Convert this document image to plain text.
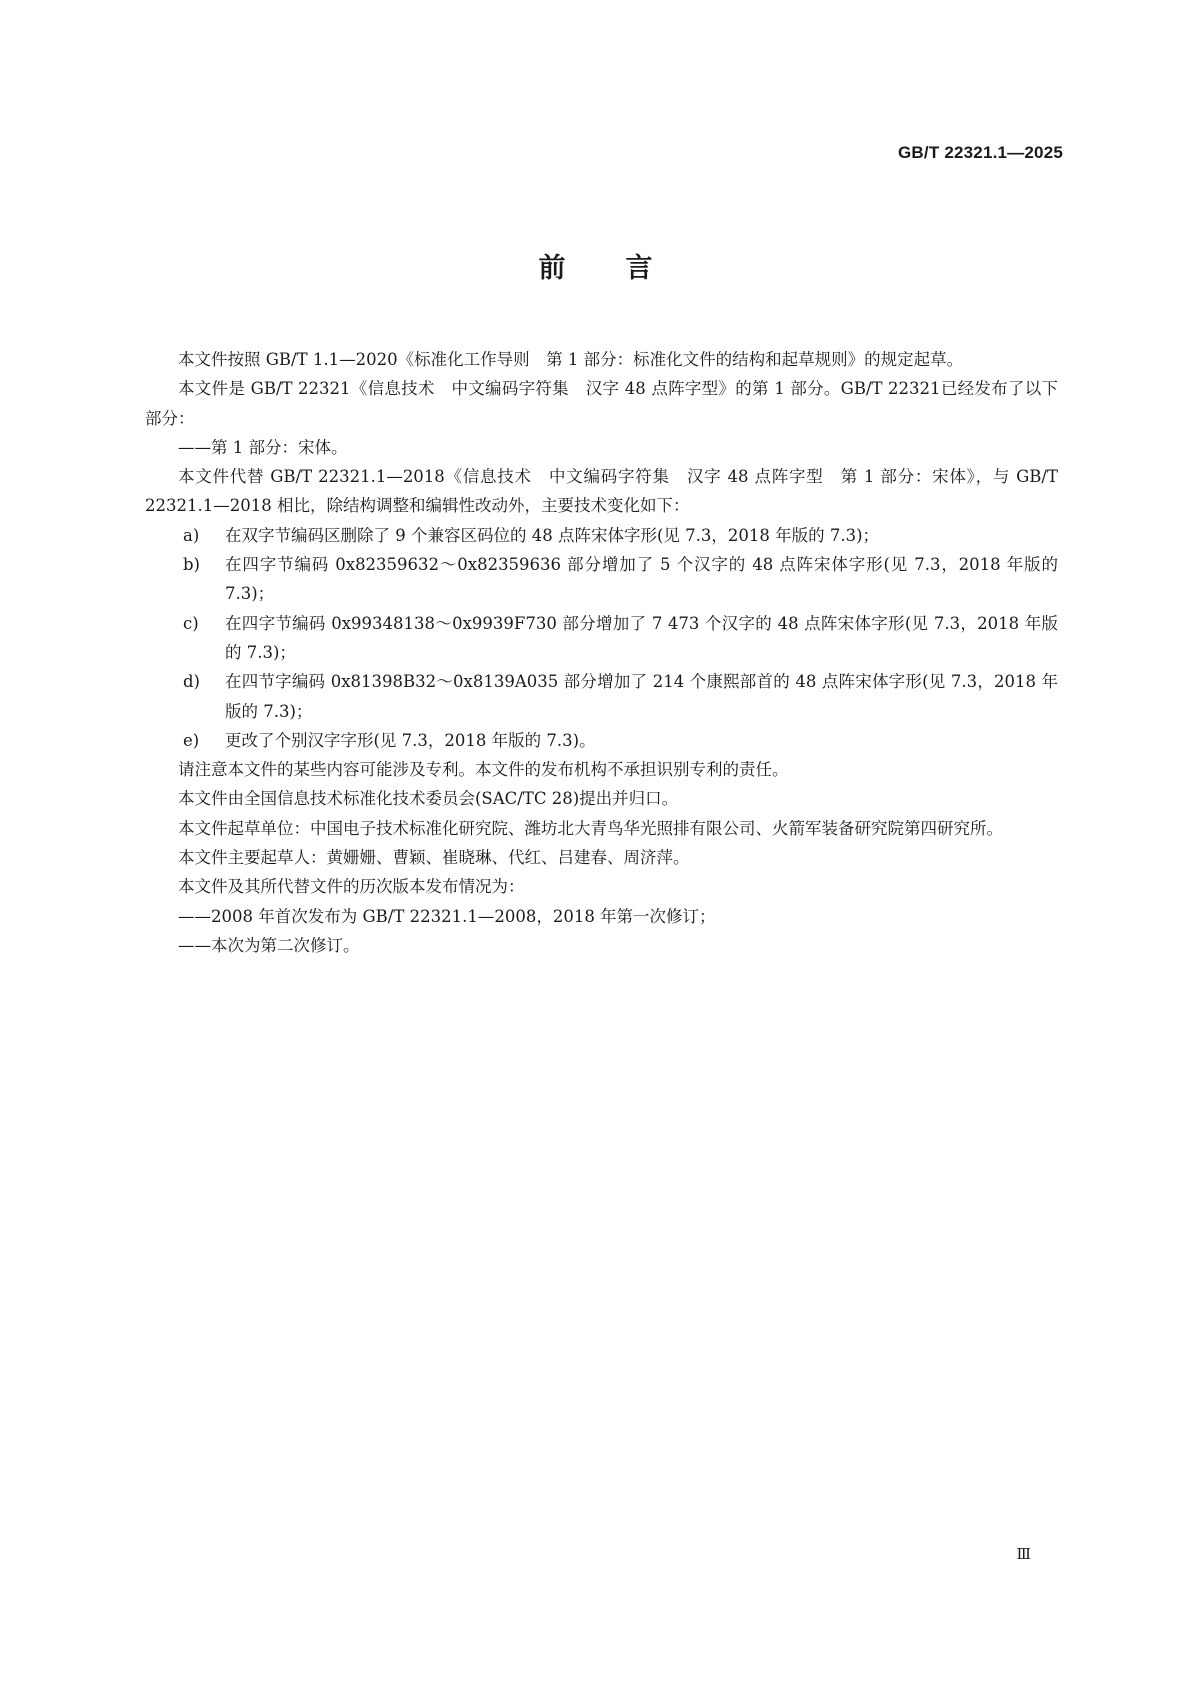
GB/T 22321.1—2025
前言

本文件按照 GB/T 1.1—2020《标准化工作导则　第 1 部分：标准化文件的结构和起草规则》的规定起草。

本文件是 GB/T 22321《信息技术　中文编码字符集　汉字 48 点阵字型》的第 1 部分。GB/T 22321已经发布了以下部分：

——第 1 部分：宋体。

本文件代替 GB/T 22321.1—2018《信息技术　中文编码字符集　汉字 48 点阵字型　第 1 部分：宋体》，与 GB/T 22321.1—2018 相比，除结构调整和编辑性改动外，主要技术变化如下：

a) 在双字节编码区删除了 9 个兼容区码位的 48 点阵宋体字形(见 7.3，2018 年版的 7.3)；

b) 在四字节编码 0x82359632～0x82359636 部分增加了 5 个汉字的 48 点阵宋体字形(见 7.3，2018 年版的 7.3)；

c) 在四字节编码 0x99348138～0x9939F730 部分增加了 7 473 个汉字的 48 点阵宋体字形(见 7.3，2018 年版的 7.3)；

d) 在四节字编码 0x81398B32～0x8139A035 部分增加了 214 个康熙部首的 48 点阵宋体字形(见 7.3，2018 年版的 7.3)；

e) 更改了个别汉字字形(见 7.3，2018 年版的 7.3)。

请注意本文件的某些内容可能涉及专利。本文件的发布机构不承担识别专利的责任。

本文件由全国信息技术标准化技术委员会(SAC/TC 28)提出并归口。

本文件起草单位：中国电子技术标准化研究院、潍坊北大青鸟华光照排有限公司、火箭军装备研究院第四研究所。

本文件主要起草人：黄姗姗、曹颖、崔晓琳、代红、吕建春、周济萍。

本文件及其所代替文件的历次版本发布情况为：

——2008 年首次发布为 GB/T 22321.1—2008，2018 年第一次修订；

——本次为第二次修订。

Ⅲ
